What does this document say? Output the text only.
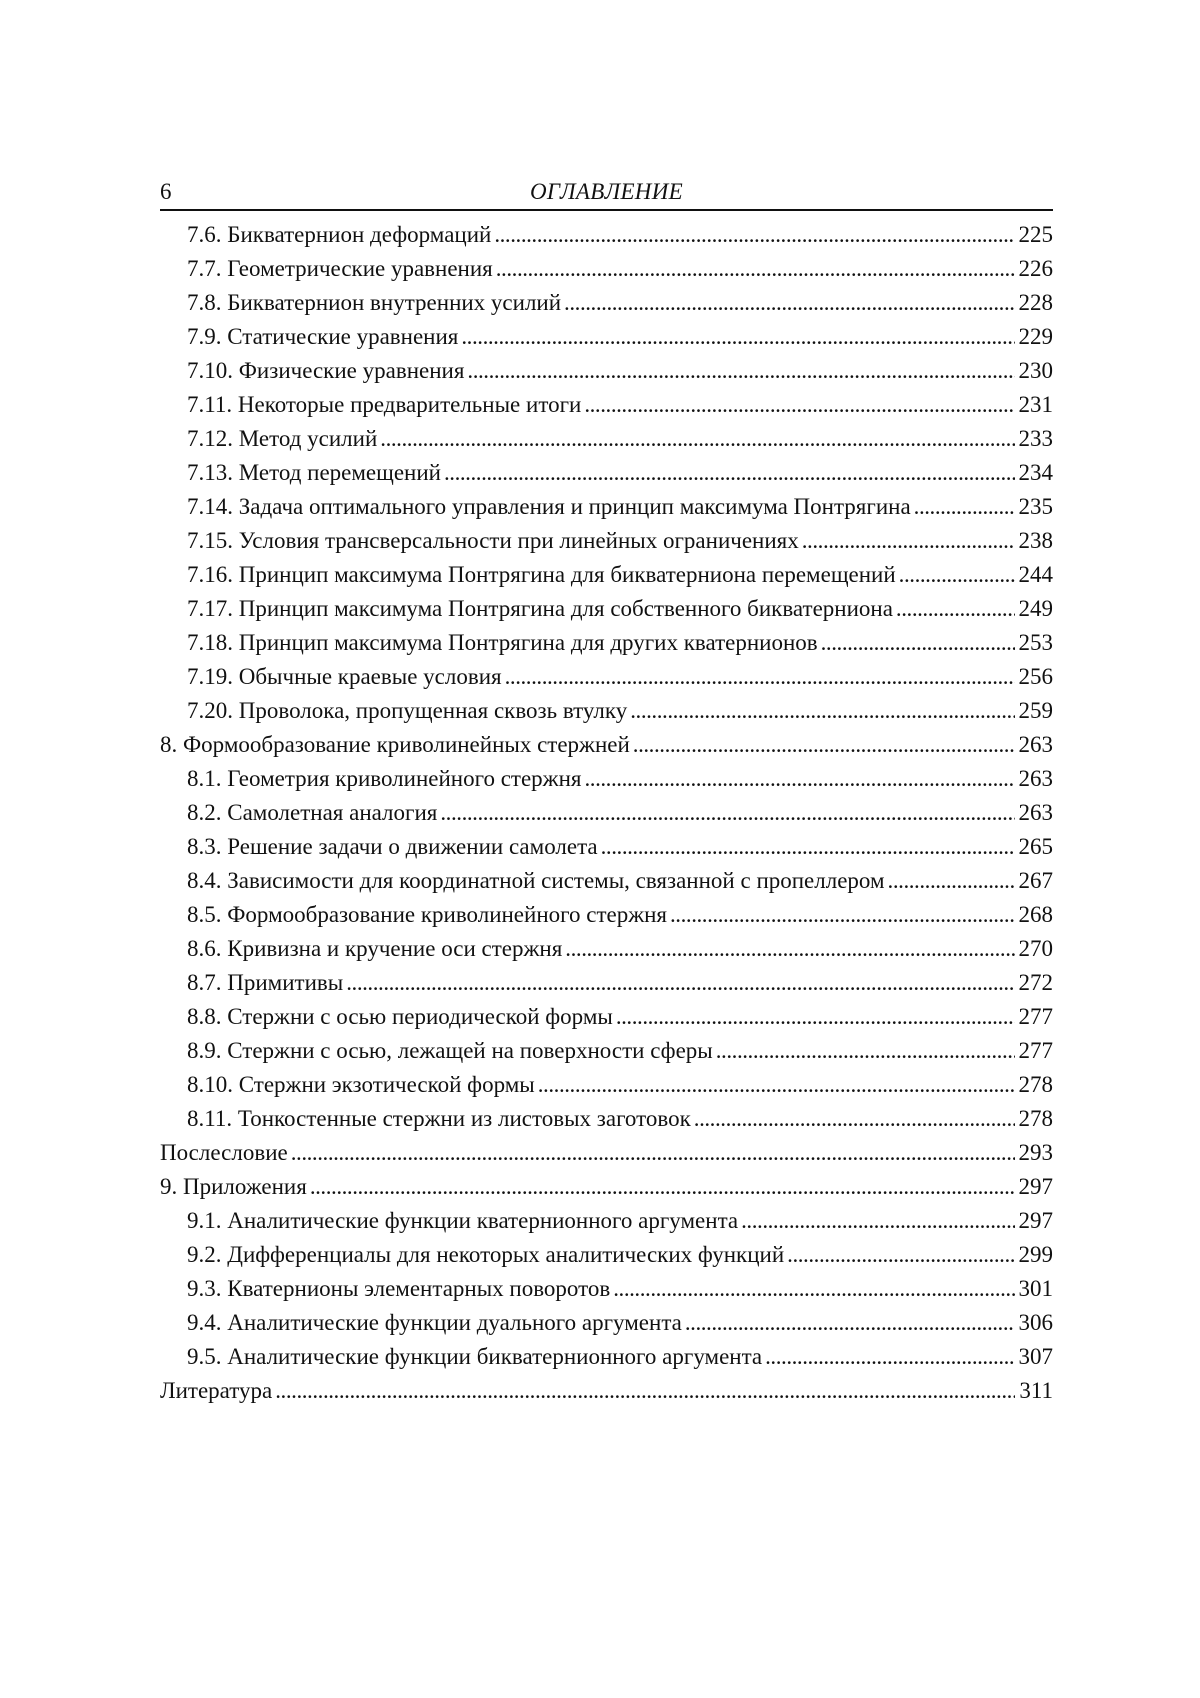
6	ОГЛАВЛЕНИЕ
7.6. Бикватернион деформаций
. . .	225
7.7. Геометрические уравнения
. . .	226
7.8. Бикватернион внутренних усилий
. . .	228
7.9. Статические уравнения
. . .	229
7.10. Физические уравнения
. . .	230
7.11. Некоторые предварительные итоги
. . .	231
7.12. Метод усилий
. . .	233
7.13. Метод перемещений
. . .	234
7.14. Задача оптимального управления и принцип максимума Понтрягина
. . .	235
7.15. Условия трансверсальности при линейных ограничениях
. . .	238
7.16. Принцип максимума Понтрягина для бикватерниона перемещений
. . .	244
7.17. Принцип максимума Понтрягина для собственного бикватерниона
. . .	249
7.18. Принцип максимума Понтрягина для других кватернионов
. . .	253
7.19. Обычные краевые условия
. . .	256
7.20. Проволока, пропущенная сквозь втулку
. . .	259
8. Формообразование криволинейных стержней
. . .	263
8.1. Геометрия криволинейного стержня
. . .	263
8.2. Самолетная аналогия
. . .	263
8.3. Решение задачи о движении самолета
. . .	265
8.4. Зависимости для координатной системы, связанной с пропеллером
. . .	267
8.5. Формообразование криволинейного стержня
. . .	268
8.6. Кривизна и кручение оси стержня
. . .	270
8.7. Примитивы
. . .	272
8.8. Стержни с осью периодической формы
. . .	277
8.9. Стержни с осью, лежащей на поверхности сферы
. . .	277
8.10. Стержни экзотической формы
. . .	278
8.11. Тонкостенные стержни из листовых заготовок
. . .	278
Послесловие
. . .	293
9. Приложения
. . .	297
9.1. Аналитические функции кватернионного аргумента
. . .	297
9.2. Дифференциалы для некоторых аналитических функций
. . .	299
9.3. Кватернионы элементарных поворотов
. . .	301
9.4. Аналитические функции дуального аргумента
. . .	306
9.5. Аналитические функции бикватернионного аргумента
. . .	307
Литература
. . .	311
